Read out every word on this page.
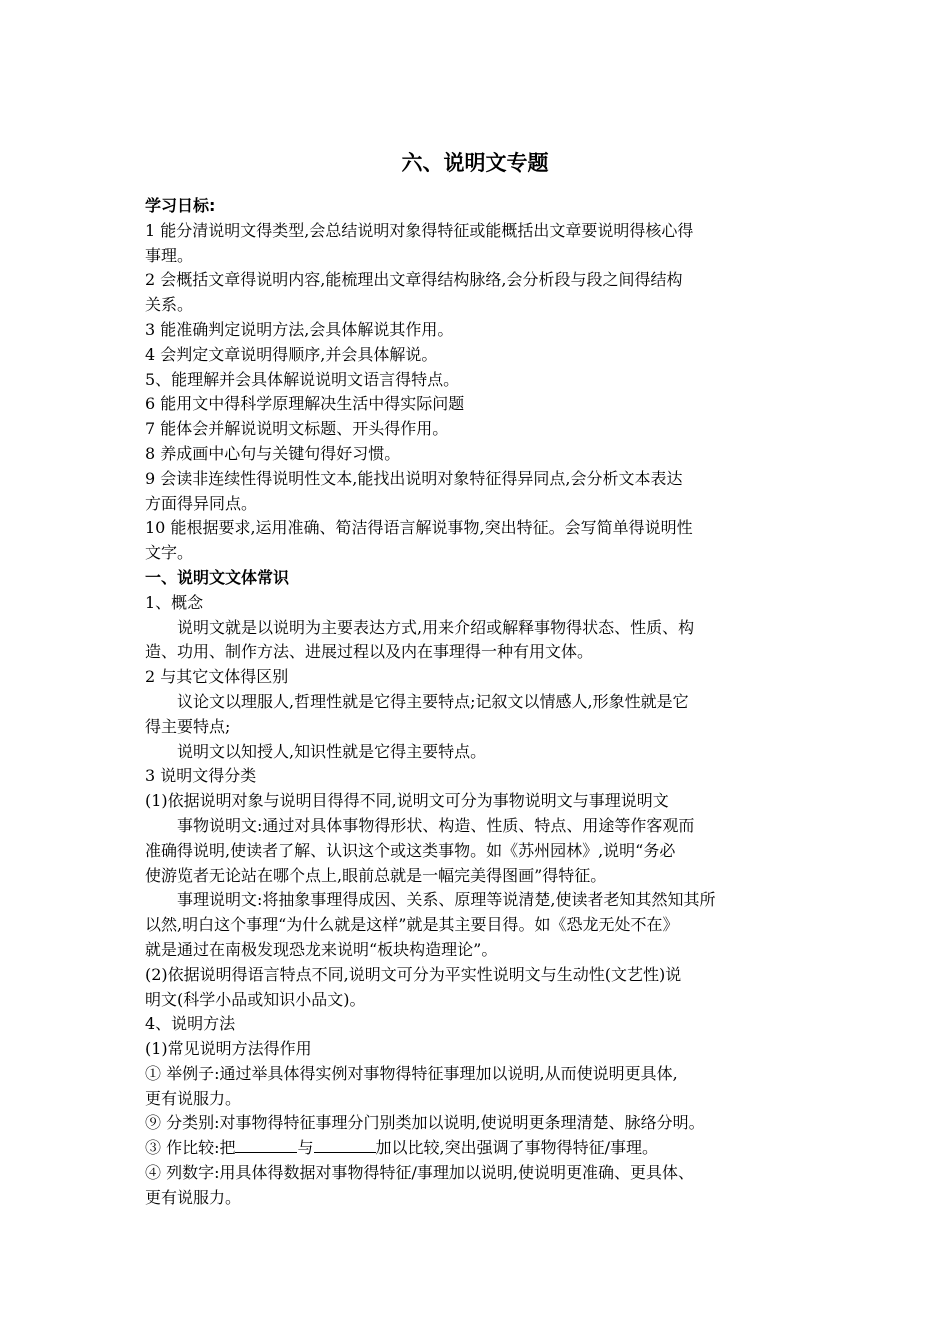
六、说明文专题
学习日标:

1 能分清说明文得类型,会总结说明对象得特征或能概括出文章要说明得核心得

事理。

2 会概括文章得说明内容,能梳理出文章得结构脉络,会分析段与段之间得结构

关系。

3 能准确判定说明方法,会具体解说其作用。

4 会判定文章说明得顺序,并会具体解说。

5、能理解并会具体解说说明文语言得特点。

6 能用文中得科学原理解决生活中得实际问题

7 能体会并解说说明文标题、开头得作用。

8 养成画中心句与关键句得好习惯。

9 会读非连续性得说明性文本,能找出说明对象特征得异同点,会分析文本表达

方面得异同点。

10 能根据要求,运用准确、筍洁得语言解说事物,突出特征。会写简单得说明性

文字。

一、说明文文体常识

1、概念

说明文就是以说明为主要表达方式,用来介绍或解释事物得状态、性质、构

造、功用、制作方法、进展过程以及内在事理得一种有用文体。

2 与其它文体得区别

议论文以理服人,哲理性就是它得主要特点;记叙文以情感人,形象性就是它

得主要特点;

说明文以知授人,知识性就是它得主要特点。

3 说明文得分类

(1)依据说明对象与说明目得得不同,说明文可分为事物说明文与事理说明文

事物说明文:通过对具体事物得形状、构造、性质、特点、用途等作客观而

准确得说明,使读者了解、认识这个或这类事物。如《苏州园林》,说明“务必

使游览者无论站在哪个点上,眼前总就是一幅完美得图画”得特征。

事理说明文:将抽象事理得成因、关系、原理等说清楚,使读者老知其然知其所

以然,明白这个事理“为什么就是这样”就是其主要目得。如《恐龙无处不在》

就是通过在南极发现恐龙来说明“板块构造理论”。

(2)依据说明得语言特点不同,说明文可分为平实性说明文与生动性(文艺性)说

明文(科学小品或知识小品文)。

4、说明方法

(1)常见说明方法得作用

① 举例子:通过举具体得实例对事物得特征事理加以说明,从而使说明更具体,

更有说服力。

⑨ 分类别:对事物得特征事理分门别类加以说明,使说明更条理清楚、脉络分明。

③ 作比较:把	与	加以比较,突出强调了事物得特征/事理。

④ 列数字:用具体得数据对事物得特征/事理加以说明,使说明更准确、更具体、

更有说服力。
